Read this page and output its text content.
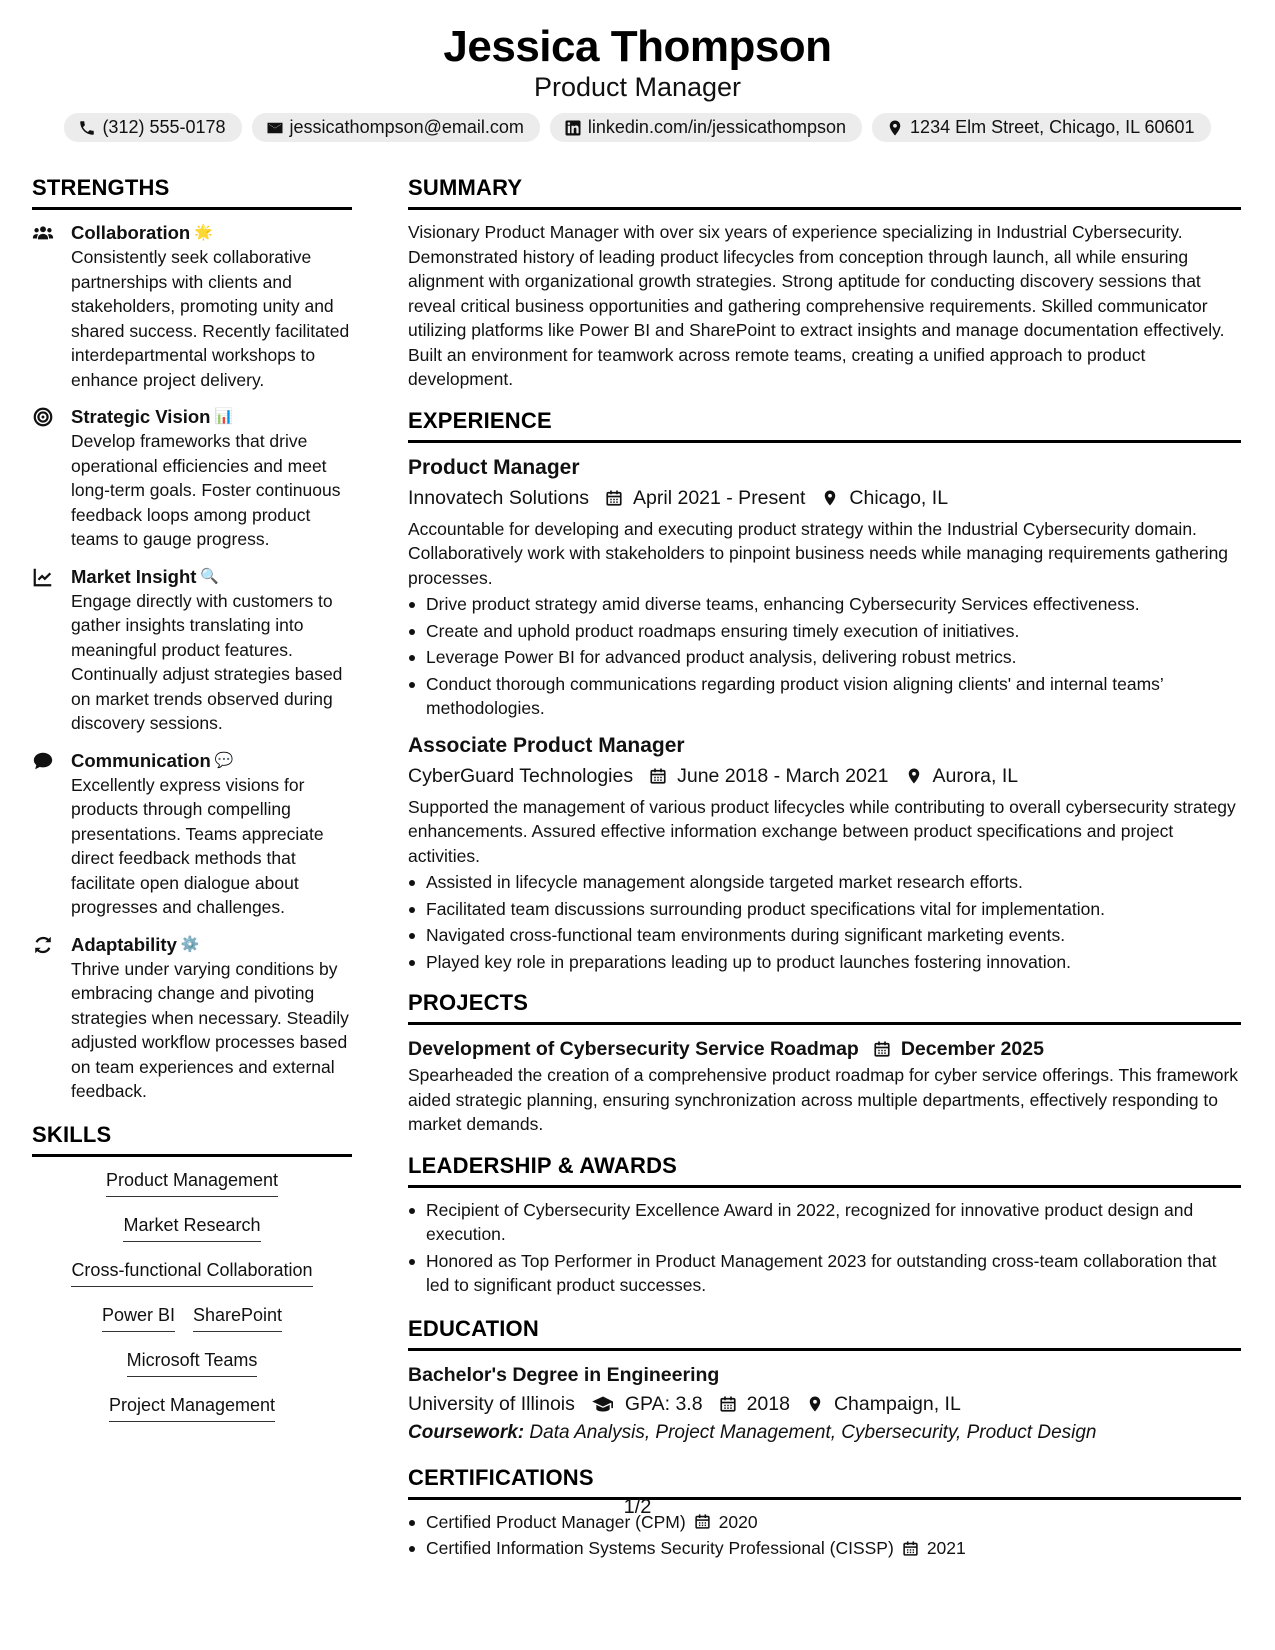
Jessica Thompson
Product Manager
(312) 555-0178	jessicathompson@email.com	linkedin.com/in/jessicathompson	1234 Elm Street, Chicago, IL 60601
STRENGTHS
Collaboration 🌟
Consistently seek collaborative partnerships with clients and stakeholders, promoting unity and shared success. Recently facilitated interdepartmental workshops to enhance project delivery.
Strategic Vision 📊
Develop frameworks that drive operational efficiencies and meet long-term goals. Foster continuous feedback loops among product teams to gauge progress.
Market Insight 🔍
Engage directly with customers to gather insights translating into meaningful product features. Continually adjust strategies based on market trends observed during discovery sessions.
Communication 💬
Excellently express visions for products through compelling presentations. Teams appreciate direct feedback methods that facilitate open dialogue about progresses and challenges.
Adaptability ⚙️
Thrive under varying conditions by embracing change and pivoting strategies when necessary. Steadily adjusted workflow processes based on team experiences and external feedback.
SKILLS
Product Management
Market Research
Cross-functional Collaboration
Power BI SharePoint
Microsoft Teams
Project Management
SUMMARY
Visionary Product Manager with over six years of experience specializing in Industrial Cybersecurity. Demonstrated history of leading product lifecycles from conception through launch, all while ensuring alignment with organizational growth strategies. Strong aptitude for conducting discovery sessions that reveal critical business opportunities and gathering comprehensive requirements. Skilled communicator utilizing platforms like Power BI and SharePoint to extract insights and manage documentation effectively. Built an environment for teamwork across remote teams, creating a unified approach to product development.
EXPERIENCE
Product Manager
Innovatech Solutions April 2021 - Present Chicago, IL
Accountable for developing and executing product strategy within the Industrial Cybersecurity domain. Collaboratively work with stakeholders to pinpoint business needs while managing requirements gathering processes.
Drive product strategy amid diverse teams, enhancing Cybersecurity Services effectiveness.
Create and uphold product roadmaps ensuring timely execution of initiatives.
Leverage Power BI for advanced product analysis, delivering robust metrics.
Conduct thorough communications regarding product vision aligning clients' and internal teams’ methodologies.
Associate Product Manager
CyberGuard Technologies June 2018 - March 2021 Aurora, IL
Supported the management of various product lifecycles while contributing to overall cybersecurity strategy enhancements. Assured effective information exchange between product specifications and project activities.
Assisted in lifecycle management alongside targeted market research efforts.
Facilitated team discussions surrounding product specifications vital for implementation.
Navigated cross-functional team environments during significant marketing events.
Played key role in preparations leading up to product launches fostering innovation.
PROJECTS
Development of Cybersecurity Service Roadmap December 2025
Spearheaded the creation of a comprehensive product roadmap for cyber service offerings. This framework aided strategic planning, ensuring synchronization across multiple departments, effectively responding to market demands.
LEADERSHIP & AWARDS
Recipient of Cybersecurity Excellence Award in 2022, recognized for innovative product design and execution.
Honored as Top Performer in Product Management 2023 for outstanding cross-team collaboration that led to significant product successes.
EDUCATION
Bachelor's Degree in Engineering
University of Illinois	GPA: 3.8 2018 Champaign, IL
Coursework: Data Analysis, Project Management, Cybersecurity, Product Design
CERTIFICATIONS
Certified Product Manager (CPM) 2020
Certified Information Systems Security Professional (CISSP) 2021
1/2
